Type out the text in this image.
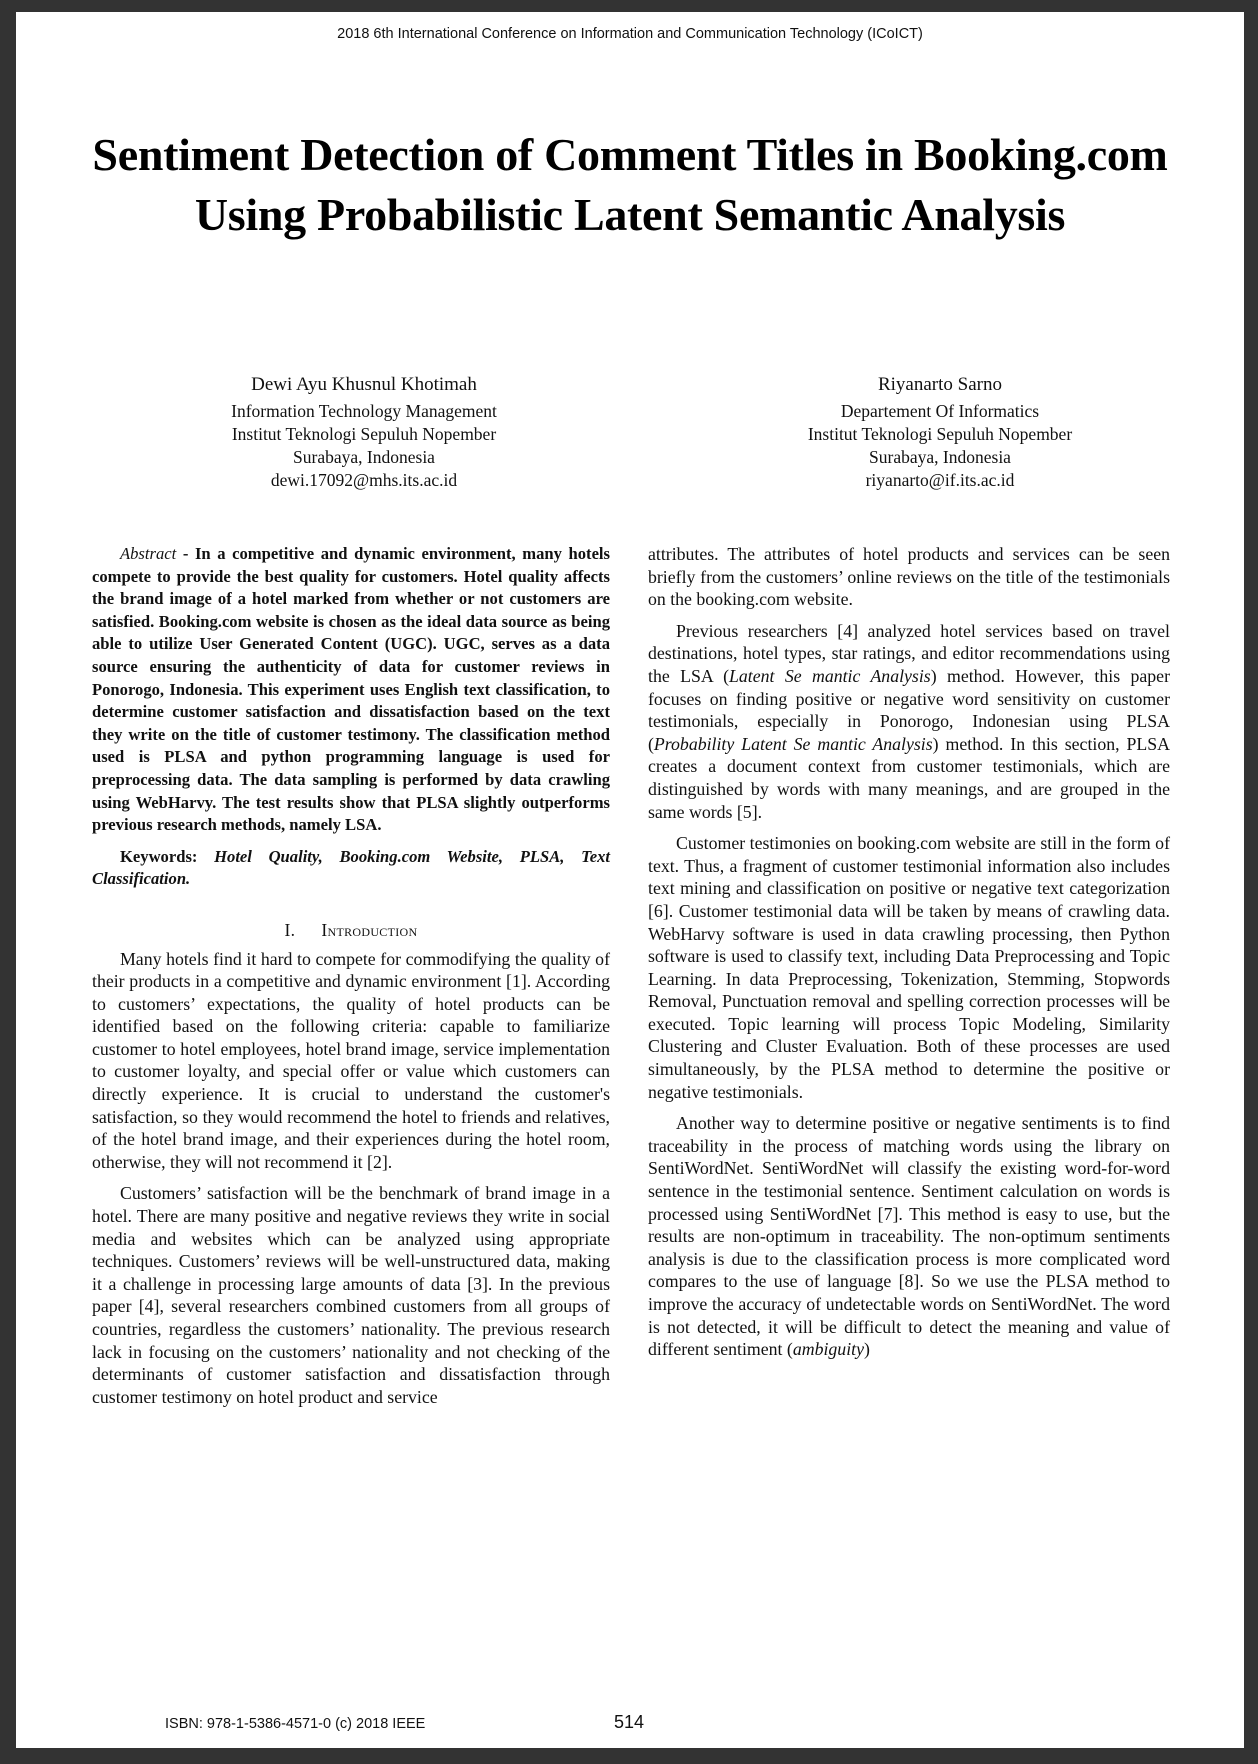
2018 6th International Conference on Information and Communication Technology (ICoICT)
Sentiment Detection of Comment Titles in Booking.com Using Probabilistic Latent Semantic Analysis
Dewi Ayu Khusnul Khotimah
Information Technology Management
Institut Teknologi Sepuluh Nopember
Surabaya, Indonesia
dewi.17092@mhs.its.ac.id
Riyanarto Sarno
Departement Of Informatics
Institut Teknologi Sepuluh Nopember
Surabaya, Indonesia
riyanarto@if.its.ac.id

Abstract - In a competitive and dynamic environment, many hotels compete to provide the best quality for customers. Hotel quality affects the brand image of a hotel marked from whether or not customers are satisfied. Booking.com website is chosen as the ideal data source as being able to utilize User Generated Content (UGC). UGC, serves as a data source ensuring the authenticity of data for customer reviews in Ponorogo, Indonesia. This experiment uses English text classification, to determine customer satisfaction and dissatisfaction based on the text they write on the title of customer testimony. The classification method used is PLSA and python programming language is used for preprocessing data. The data sampling is performed by data crawling using WebHarvy. The test results show that PLSA slightly outperforms previous research methods, namely LSA.

Keywords: Hotel Quality, Booking.com Website, PLSA, Text Classification.

I. Introduction

Many hotels find it hard to compete for commodifying the quality of their products in a competitive and dynamic environment [1]. According to customers’ expectations, the quality of hotel products can be identified based on the following criteria: capable to familiarize customer to hotel employees, hotel brand image, service implementation to customer loyalty, and special offer or value which customers can directly experience. It is crucial to understand the customer's satisfaction, so they would recommend the hotel to friends and relatives, of the hotel brand image, and their experiences during the hotel room, otherwise, they will not recommend it [2].

Customers’ satisfaction will be the benchmark of brand image in a hotel. There are many positive and negative reviews they write in social media and websites which can be analyzed using appropriate techniques. Customers’ reviews will be well-unstructured data, making it a challenge in processing large amounts of data [3]. In the previous paper [4], several researchers combined customers from all groups of countries, regardless the customers’ nationality. The previous research lack in focusing on the customers’ nationality and not checking of the determinants of customer satisfaction and dissatisfaction through customer testimony on hotel product and service

attributes. The attributes of hotel products and services can be seen briefly from the customers’ online reviews on the title of the testimonials on the booking.com website.

Previous researchers [4] analyzed hotel services based on travel destinations, hotel types, star ratings, and editor recommendations using the LSA (Latent Se mantic Analysis) method. However, this paper focuses on finding positive or negative word sensitivity on customer testimonials, especially in Ponorogo, Indonesian using PLSA (Probability Latent Se mantic Analysis) method. In this section, PLSA creates a document context from customer testimonials, which are distinguished by words with many meanings, and are grouped in the same words [5].

Customer testimonies on booking.com website are still in the form of text. Thus, a fragment of customer testimonial information also includes text mining and classification on positive or negative text categorization [6]. Customer testimonial data will be taken by means of crawling data. WebHarvy software is used in data crawling processing, then Python software is used to classify text, including Data Preprocessing and Topic Learning. In data Preprocessing, Tokenization, Stemming, Stopwords Removal, Punctuation removal and spelling correction processes will be executed. Topic learning will process Topic Modeling, Similarity Clustering and Cluster Evaluation. Both of these processes are used simultaneously, by the PLSA method to determine the positive or negative testimonials.

Another way to determine positive or negative sentiments is to find traceability in the process of matching words using the library on SentiWordNet. SentiWordNet will classify the existing word-for-word sentence in the testimonial sentence. Sentiment calculation on words is processed using SentiWordNet [7]. This method is easy to use, but the results are non-optimum in traceability. The non-optimum sentiments analysis is due to the classification process is more complicated word compares to the use of language [8]. So we use the PLSA method to improve the accuracy of undetectable words on SentiWordNet. The word is not detected, it will be difficult to detect the meaning and value of different sentiment (ambiguity)

ISBN: 978-1-5386-4571-0 (c) 2018 IEEE	514
